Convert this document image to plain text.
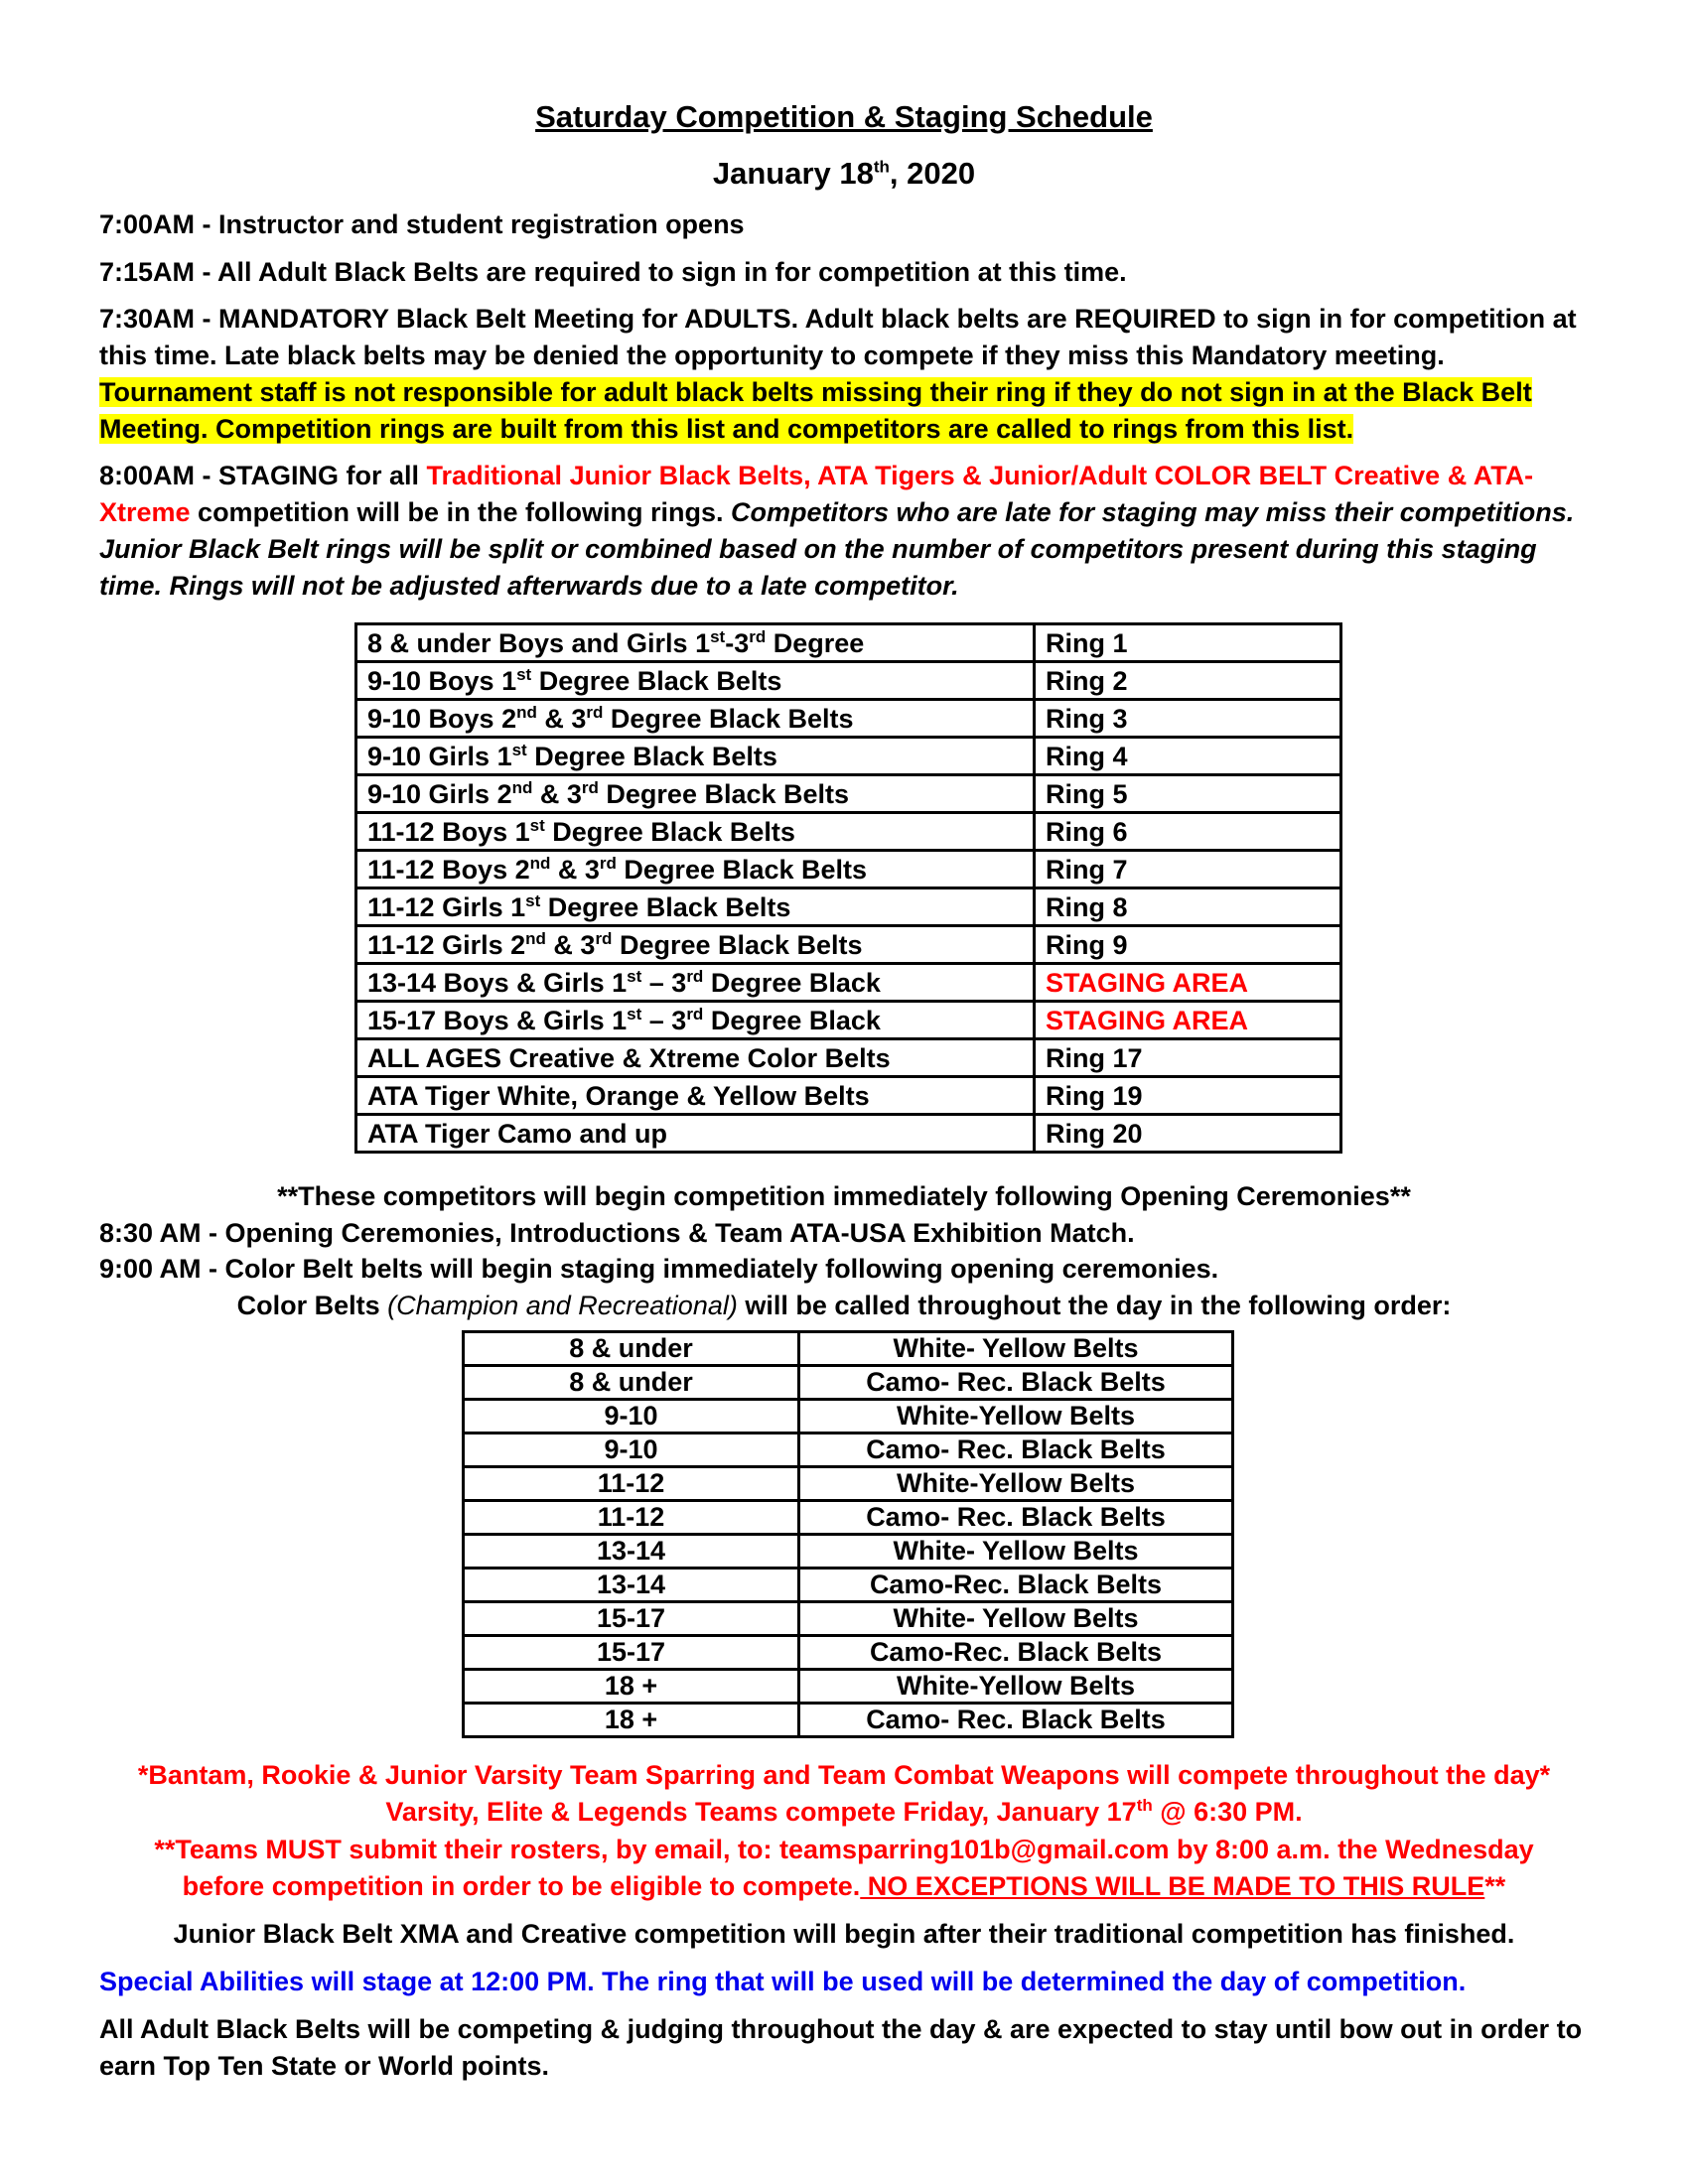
Saturday Competition & Staging Schedule
January 18th, 2020
7:00AM - Instructor and student registration opens
7:15AM - All Adult Black Belts are required to sign in for competition at this time.
7:30AM - MANDATORY Black Belt Meeting for ADULTS. Adult black belts are REQUIRED to sign in for competition at this time. Late black belts may be denied the opportunity to compete if they miss this Mandatory meeting. Tournament staff is not responsible for adult black belts missing their ring if they do not sign in at the Black Belt Meeting. Competition rings are built from this list and competitors are called to rings from this list.
8:00AM - STAGING for all Traditional Junior Black Belts, ATA Tigers & Junior/Adult COLOR BELT Creative & ATA-Xtreme competition will be in the following rings. Competitors who are late for staging may miss their competitions. Junior Black Belt rings will be split or combined based on the number of competitors present during this staging time. Rings will not be adjusted afterwards due to a late competitor.
8 & under Boys and Girls 1st-3rd Degree	Ring 1
9-10 Boys 1st Degree Black Belts	Ring 2
9-10 Boys 2nd & 3rd Degree Black Belts	Ring 3
9-10 Girls 1st Degree Black Belts	Ring 4
9-10 Girls 2nd & 3rd Degree Black Belts	Ring 5
11-12 Boys 1st Degree Black Belts	Ring 6
11-12 Boys 2nd & 3rd Degree Black Belts	Ring 7
11-12 Girls 1st Degree Black Belts	Ring 8
11-12 Girls 2nd & 3rd Degree Black Belts	Ring 9
13-14 Boys & Girls 1st – 3rd Degree Black	STAGING AREA
15-17 Boys & Girls 1st – 3rd Degree Black	STAGING AREA
ALL AGES Creative & Xtreme Color Belts	Ring 17
ATA Tiger White, Orange & Yellow Belts	Ring 19
ATA Tiger Camo and up	Ring 20
**These competitors will begin competition immediately following Opening Ceremonies**
8:30 AM - Opening Ceremonies, Introductions & Team ATA-USA Exhibition Match.
9:00 AM - Color Belt belts will begin staging immediately following opening ceremonies.
Color Belts (Champion and Recreational) will be called throughout the day in the following order:
8 & under	White- Yellow Belts
8 & under	Camo- Rec. Black Belts
9-10	White-Yellow Belts
9-10	Camo- Rec. Black Belts
11-12	White-Yellow Belts
11-12	Camo- Rec. Black Belts
13-14	White- Yellow Belts
13-14	Camo-Rec. Black Belts
15-17	White- Yellow Belts
15-17	Camo-Rec. Black Belts
18 +	White-Yellow Belts
18 +	Camo- Rec. Black Belts
*Bantam, Rookie & Junior Varsity Team Sparring and Team Combat Weapons will compete throughout the day*
Varsity, Elite & Legends Teams compete Friday, January 17th @ 6:30 PM.
**Teams MUST submit their rosters, by email, to: teamsparring101b@gmail.com by 8:00 a.m. the Wednesday
before competition in order to be eligible to compete. NO EXCEPTIONS WILL BE MADE TO THIS RULE**
Junior Black Belt XMA and Creative competition will begin after their traditional competition has finished.
Special Abilities will stage at 12:00 PM. The ring that will be used will be determined the day of competition.
All Adult Black Belts will be competing & judging throughout the day & are expected to stay until bow out in order to earn Top Ten State or World points.
